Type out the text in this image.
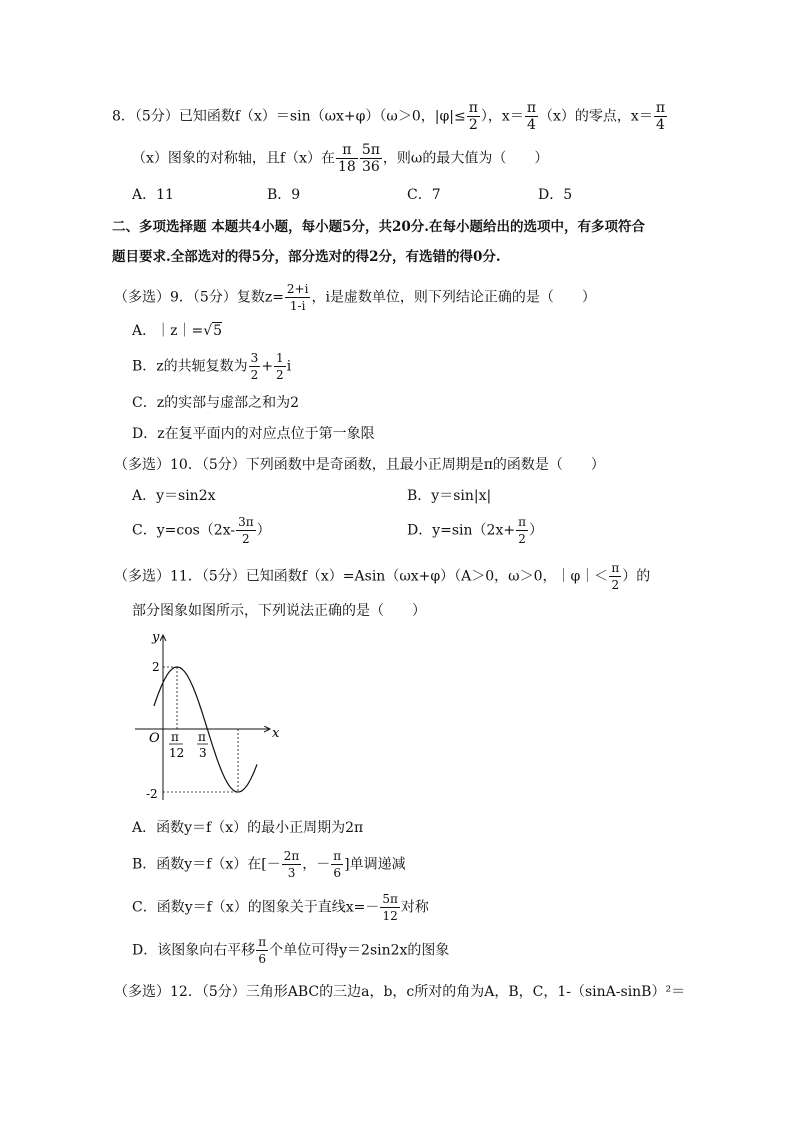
8．（5分）已知函数f（x）＝sin（ωx+φ）（ω＞0，$|\varphi|\le \frac{\pi}{2}$ ），$x= \frac{\pi}{4} (x)$的零点，$x= \frac{\pi}{4}$
（x）图象的对称轴，且f（x）在 $\frac{\pi}{18} \frac{5\pi}{36}$ ，则ω的最大值为（　　）
A．11	B．9	C．7	D．5
二、多项选择题 本题共4小题，每小题5分，共20分.在每小题给出的选项中，有多项符合
题目要求.全部选对的得5分，部分选对的得2分，有选错的得0分.
（多选）9．（5分）复数$z= \frac{2+i}{1-i}$ ，i是虚数单位，则下列结论正确的是（　　）
A．｜z｜=√5
B．z的共轭复数为 $\frac{3}{2} + \frac{1}{2}$ i
C．z的实部与虚部之和为2
D．z在复平面内的对应点位于第一象限
（多选）10．（5分）下列函数中是奇函数，且最小正周期是π的函数是（　　）
A．y＝sin2x	B．y＝sin|x|
C．$y=\cos(2x- \frac{3\pi}{2}$ ）	D．$y=\sin(2x+ \frac{\pi}{2}$ ）
（多选）11．（5分）已知函数f（x）=Asin（ωx+φ）（A＞0，ω＞0，｜φ｜＜ $\frac{\pi}{2}$ ）的
部分图象如图所示，下列说法正确的是（　　）
y
x
O
2
-2
π
12
π
3
A．函数y＝f（x）的最小正周期为2π
B．函数y＝f（x）在[－ $\frac{2\pi}{3}$ ，－ $\frac{\pi}{6}$ ]单调递减
C．函数y＝f（x）的图象关于直线$x=- \frac{5\pi}{12}$ 对称
D．该图象向右平移 $\frac{\pi}{6}$ 个单位可得y＝2sin2x的图象
（多选）12．（5分）三角形ABC的三边a，b，c所对的角为A，B，C，1-（sinA-sinB）²＝
